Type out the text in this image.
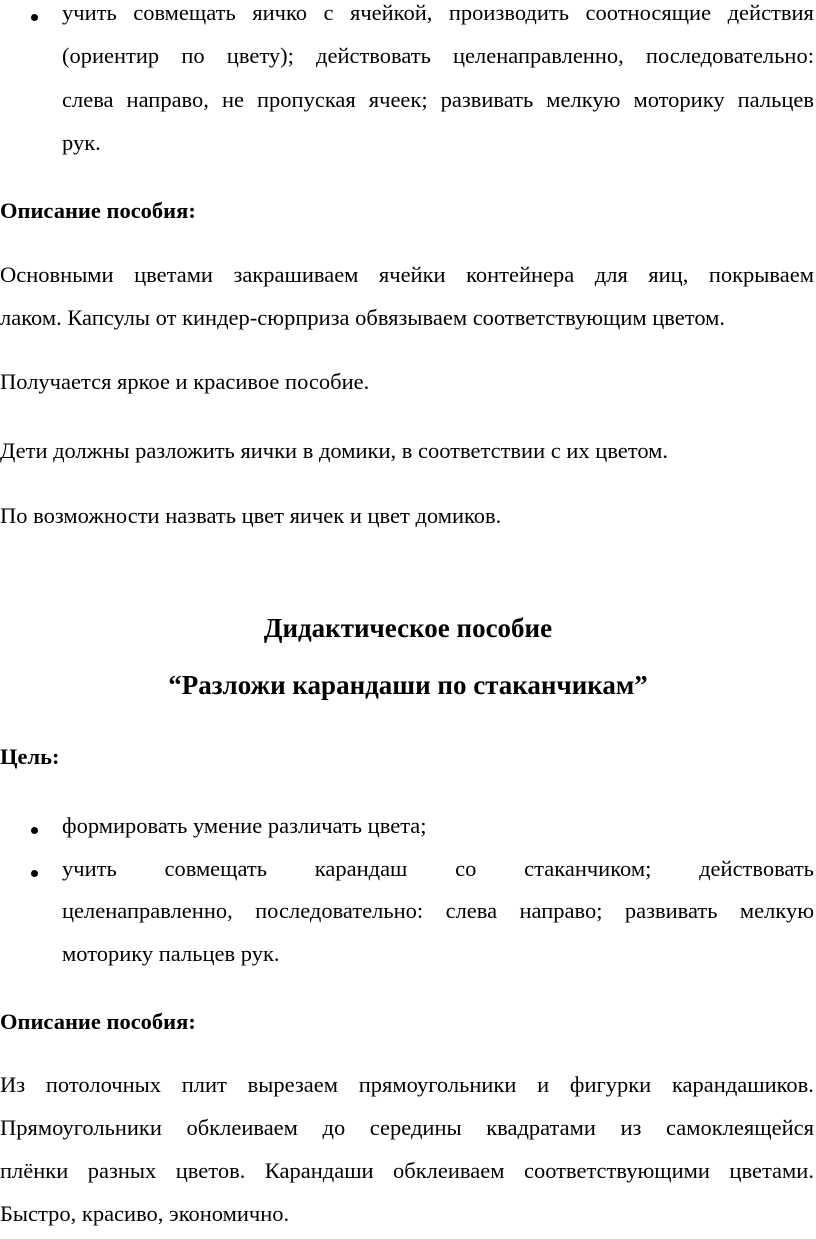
учить совмещать яичко с ячейкой, производить соотносящие действия
(ориентир по цвету); действовать целенаправленно, последовательно:
слева направо, не пропуская ячеек; развивать мелкую моторику пальцев
рук.
Описание пособия:
Основными цветами закрашиваем ячейки контейнера для яиц, покрываем
лаком. Капсулы от киндер-сюрприза обвязываем соответствующим цветом.
Получается яркое и красивое пособие.
Дети должны разложить яички в домики, в соответствии с их цветом.
По возможности назвать цвет яичек и цвет домиков.
Дидактическое пособие
“Разложи карандаши по стаканчикам”
Цель:
формировать умение различать цвета;
учить совмещать карандаш со стаканчиком; действовать
целенаправленно, последовательно: слева направо; развивать мелкую
моторику пальцев рук.
Описание пособия:
Из потолочных плит вырезаем прямоугольники и фигурки карандашиков.
Прямоугольники обклеиваем до середины квадратами из самоклеящейся
плёнки разных цветов. Карандаши обклеиваем соответствующими цветами.
Быстро, красиво, экономично.
